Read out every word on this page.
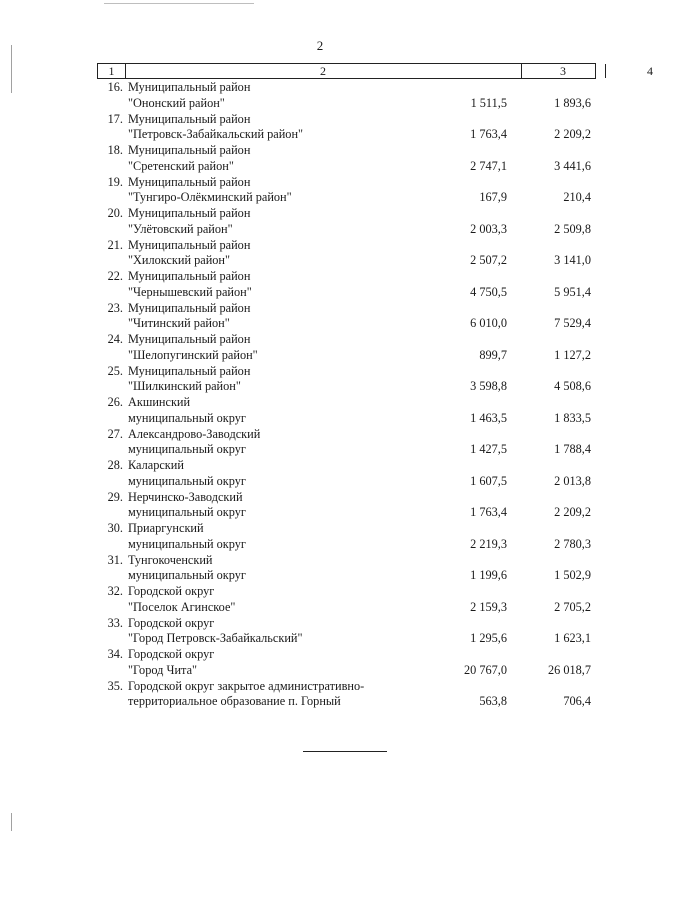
2
1	2	3	4
16. Муниципальный район
"Ононский район"	1 511,5	1 893,6
17. Муниципальный район
"Петровск-Забайкальский район"	1 763,4	2 209,2
18. Муниципальный район
"Сретенский район"	2 747,1	3 441,6
19. Муниципальный район
"Тунгиро-Олёкминский район"	167,9	210,4
20. Муниципальный район
"Улётовский район"	2 003,3	2 509,8
21. Муниципальный район
"Хилокский район"	2 507,2	3 141,0
22. Муниципальный район
"Чернышевский район"	4 750,5	5 951,4
23. Муниципальный район
"Читинский район"	6 010,0	7 529,4
24. Муниципальный район
"Шелопугинский район"	899,7	1 127,2
25. Муниципальный район
"Шилкинский район"	3 598,8	4 508,6
26. Акшинский
муниципальный округ	1 463,5	1 833,5
27. Александрово-Заводский
муниципальный округ	1 427,5	1 788,4
28. Каларский
муниципальный округ	1 607,5	2 013,8
29. Нерчинско-Заводский
муниципальный округ	1 763,4	2 209,2
30. Приаргунский
муниципальный округ	2 219,3	2 780,3
31. Тунгокоченский
муниципальный округ	1 199,6	1 502,9
32. Городской округ
"Поселок Агинское"	2 159,3	2 705,2
33. Городской округ
"Город Петровск-Забайкальский"	1 295,6	1 623,1
34. Городской округ
"Город Чита"	20 767,0	26 018,7
35. Городской округ закрытое административно-
территориальное образование п. Горный	563,8	706,4
